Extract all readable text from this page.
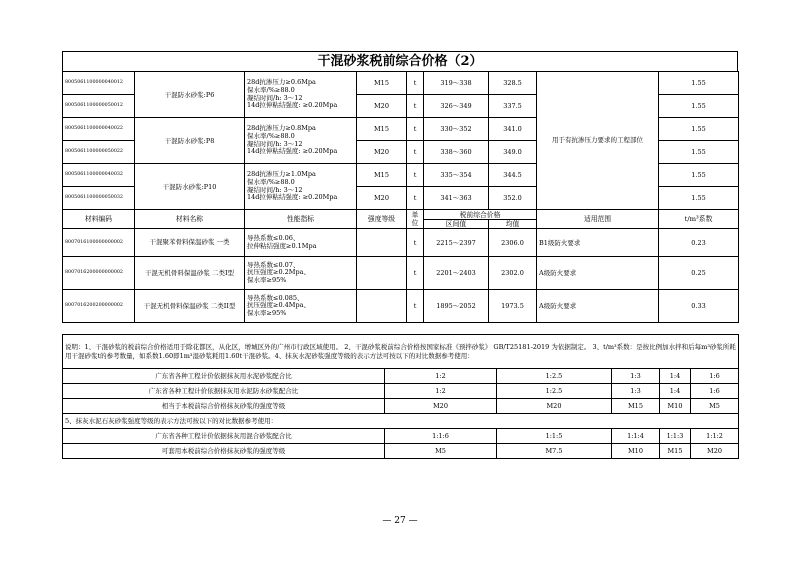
干混砂浆税前综合价格（2）
8005061100000040012	干混防水砂浆:P6	28d抗渗压力≥0.6Mpa
保水率/%≥88.0
凝结时间/h: 3～12
14d拉伸粘结强度: ≥0.20Mpa	M15	t	319～338	328.5	用于有抗渗压力要求的工程部位	1.55
8005061100000050012			M20	t	326～349	337.5		1.55
8005061100000040022	干混防水砂浆:P8	28d抗渗压力≥0.8Mpa
保水率/%≥88.0
凝结时间/h: 3～12
14d拉伸粘结强度: ≥0.20Mpa	M15	t	330～352	341.0		1.55
8005061100000050022			M20	t	338～360	349.0		1.55
8005061100000040032	干混防水砂浆:P10	28d抗渗压力≥1.0Mpa
保水率/%≥88.0
凝结时间/h: 3～12
14d拉伸粘结强度: ≥0.20Mpa	M15	t	335～354	344.5		1.55
8005061100000050032			M20	t	341～363	352.0		1.55
材料编码	材料名称	性能指标	强度等级	单位	税前综合价格		适用范围	t/m³系数
					区间值	均值		
8007016100000000002	干混聚苯骨料保温砂浆 一类	导热系数≤0.06、
拉伸粘结强度≥0.1Mpa		t	2215～2397	2306.0	B1级防火要求	0.23
8007016200000000002	干混无机骨料保温砂浆 二类I型	导热系数≤0.07、
抗压强度≥0.2Mpa、
保水率≥95%		t	2201～2403	2302.0	A级防火要求	0.25
8007016200200000002	干混无机骨料保温砂浆 二类II型	导热系数≤0.085、
抗压强度≥0.4Mpa、
保水率≥95%		t	1895～2052	1973.5	A级防火要求	0.33
说明：1、干混砂浆的税前综合价格适用于除花都区，从化区，增城区外的广州市行政区域使用。 2、干混砂浆税前综合价格按国家标准《预拌砂浆》 GB/T25181-2019 为依据制定。 3、t/m³系数：是按比例加水拌和后每m³砂浆所耗用干混砂浆t的参考数量，如系数1.60即1m³湿砂浆耗用1.60t干混砂浆。4、抹灰水泥砂浆强度等级的表示方法可按以下的对比数据参考使用：					
广东省各种工程计价依据抹灰用水泥砂浆配合比	1:2	1:2.5	1:3	1:4	1:6
广东省各种工程计价依据抹灰用水泥防水砂浆配合比	1:2	1:2.5	1:3	1:4	1:6
相当于本税前综合价格抹灰砂浆的强度等级	M20	M20	M15	M10	M5
5、抹灰水泥石灰砂浆强度等级的表示方法可按以下的对比数据参考使用：					
广东省各种工程计价依据抹灰用混合砂浆配合比	1:1:6	1:1:5	1:1:4	1:1:3	1:1:2
可套用本税前综合价格抹灰砂浆的强度等级	M5	M7.5	M10	M15	M20
— 27 —
